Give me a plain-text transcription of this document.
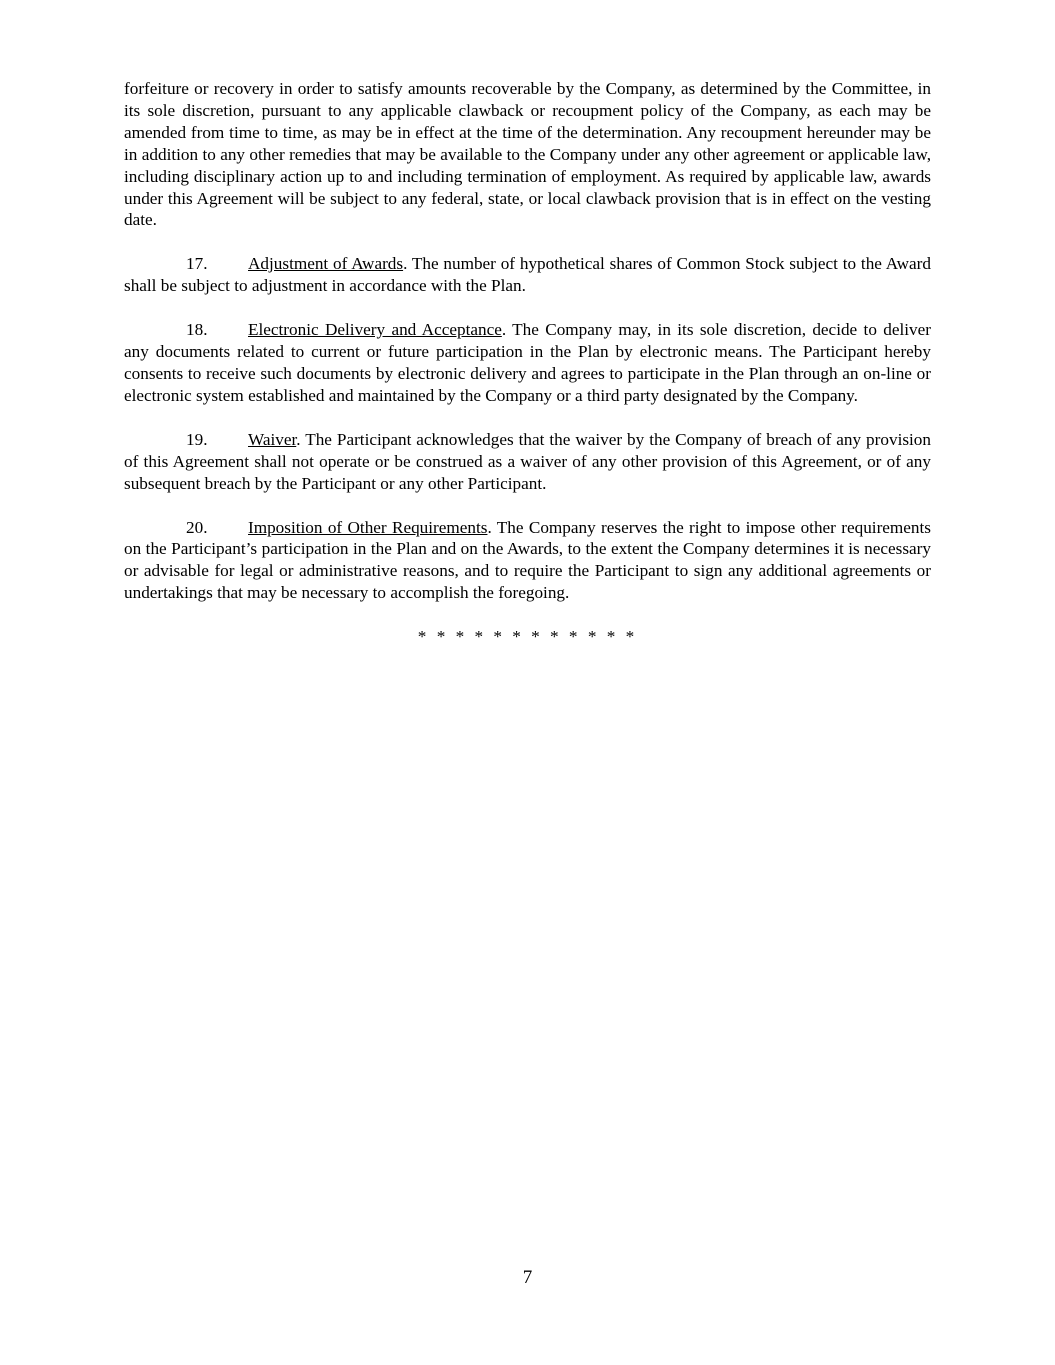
forfeiture or recovery in order to satisfy amounts recoverable by the Company, as determined by the Committee, in its sole discretion, pursuant to any applicable clawback or recoupment policy of the Company, as each may be amended from time to time, as may be in effect at the time of the determination. Any recoupment hereunder may be in addition to any other remedies that may be available to the Company under any other agreement or applicable law, including disciplinary action up to and including termination of employment. As required by applicable law, awards under this Agreement will be subject to any federal, state, or local clawback provision that is in effect on the vesting date.

17. Adjustment of Awards. The number of hypothetical shares of Common Stock subject to the Award shall be subject to adjustment in accordance with the Plan.

18. Electronic Delivery and Acceptance. The Company may, in its sole discretion, decide to deliver any documents related to current or future participation in the Plan by electronic means. The Participant hereby consents to receive such documents by electronic delivery and agrees to participate in the Plan through an on-line or electronic system established and maintained by the Company or a third party designated by the Company.

19. Waiver. The Participant acknowledges that the waiver by the Company of breach of any provision of this Agreement shall not operate or be construed as a waiver of any other provision of this Agreement, or of any subsequent breach by the Participant or any other Participant.

20. Imposition of Other Requirements. The Company reserves the right to impose other requirements on the Participant’s participation in the Plan and on the Awards, to the extent the Company determines it is necessary or advisable for legal or administrative reasons, and to require the Participant to sign any additional agreements or undertakings that may be necessary to accomplish the foregoing.

* * * * * * * * * * * *

7
